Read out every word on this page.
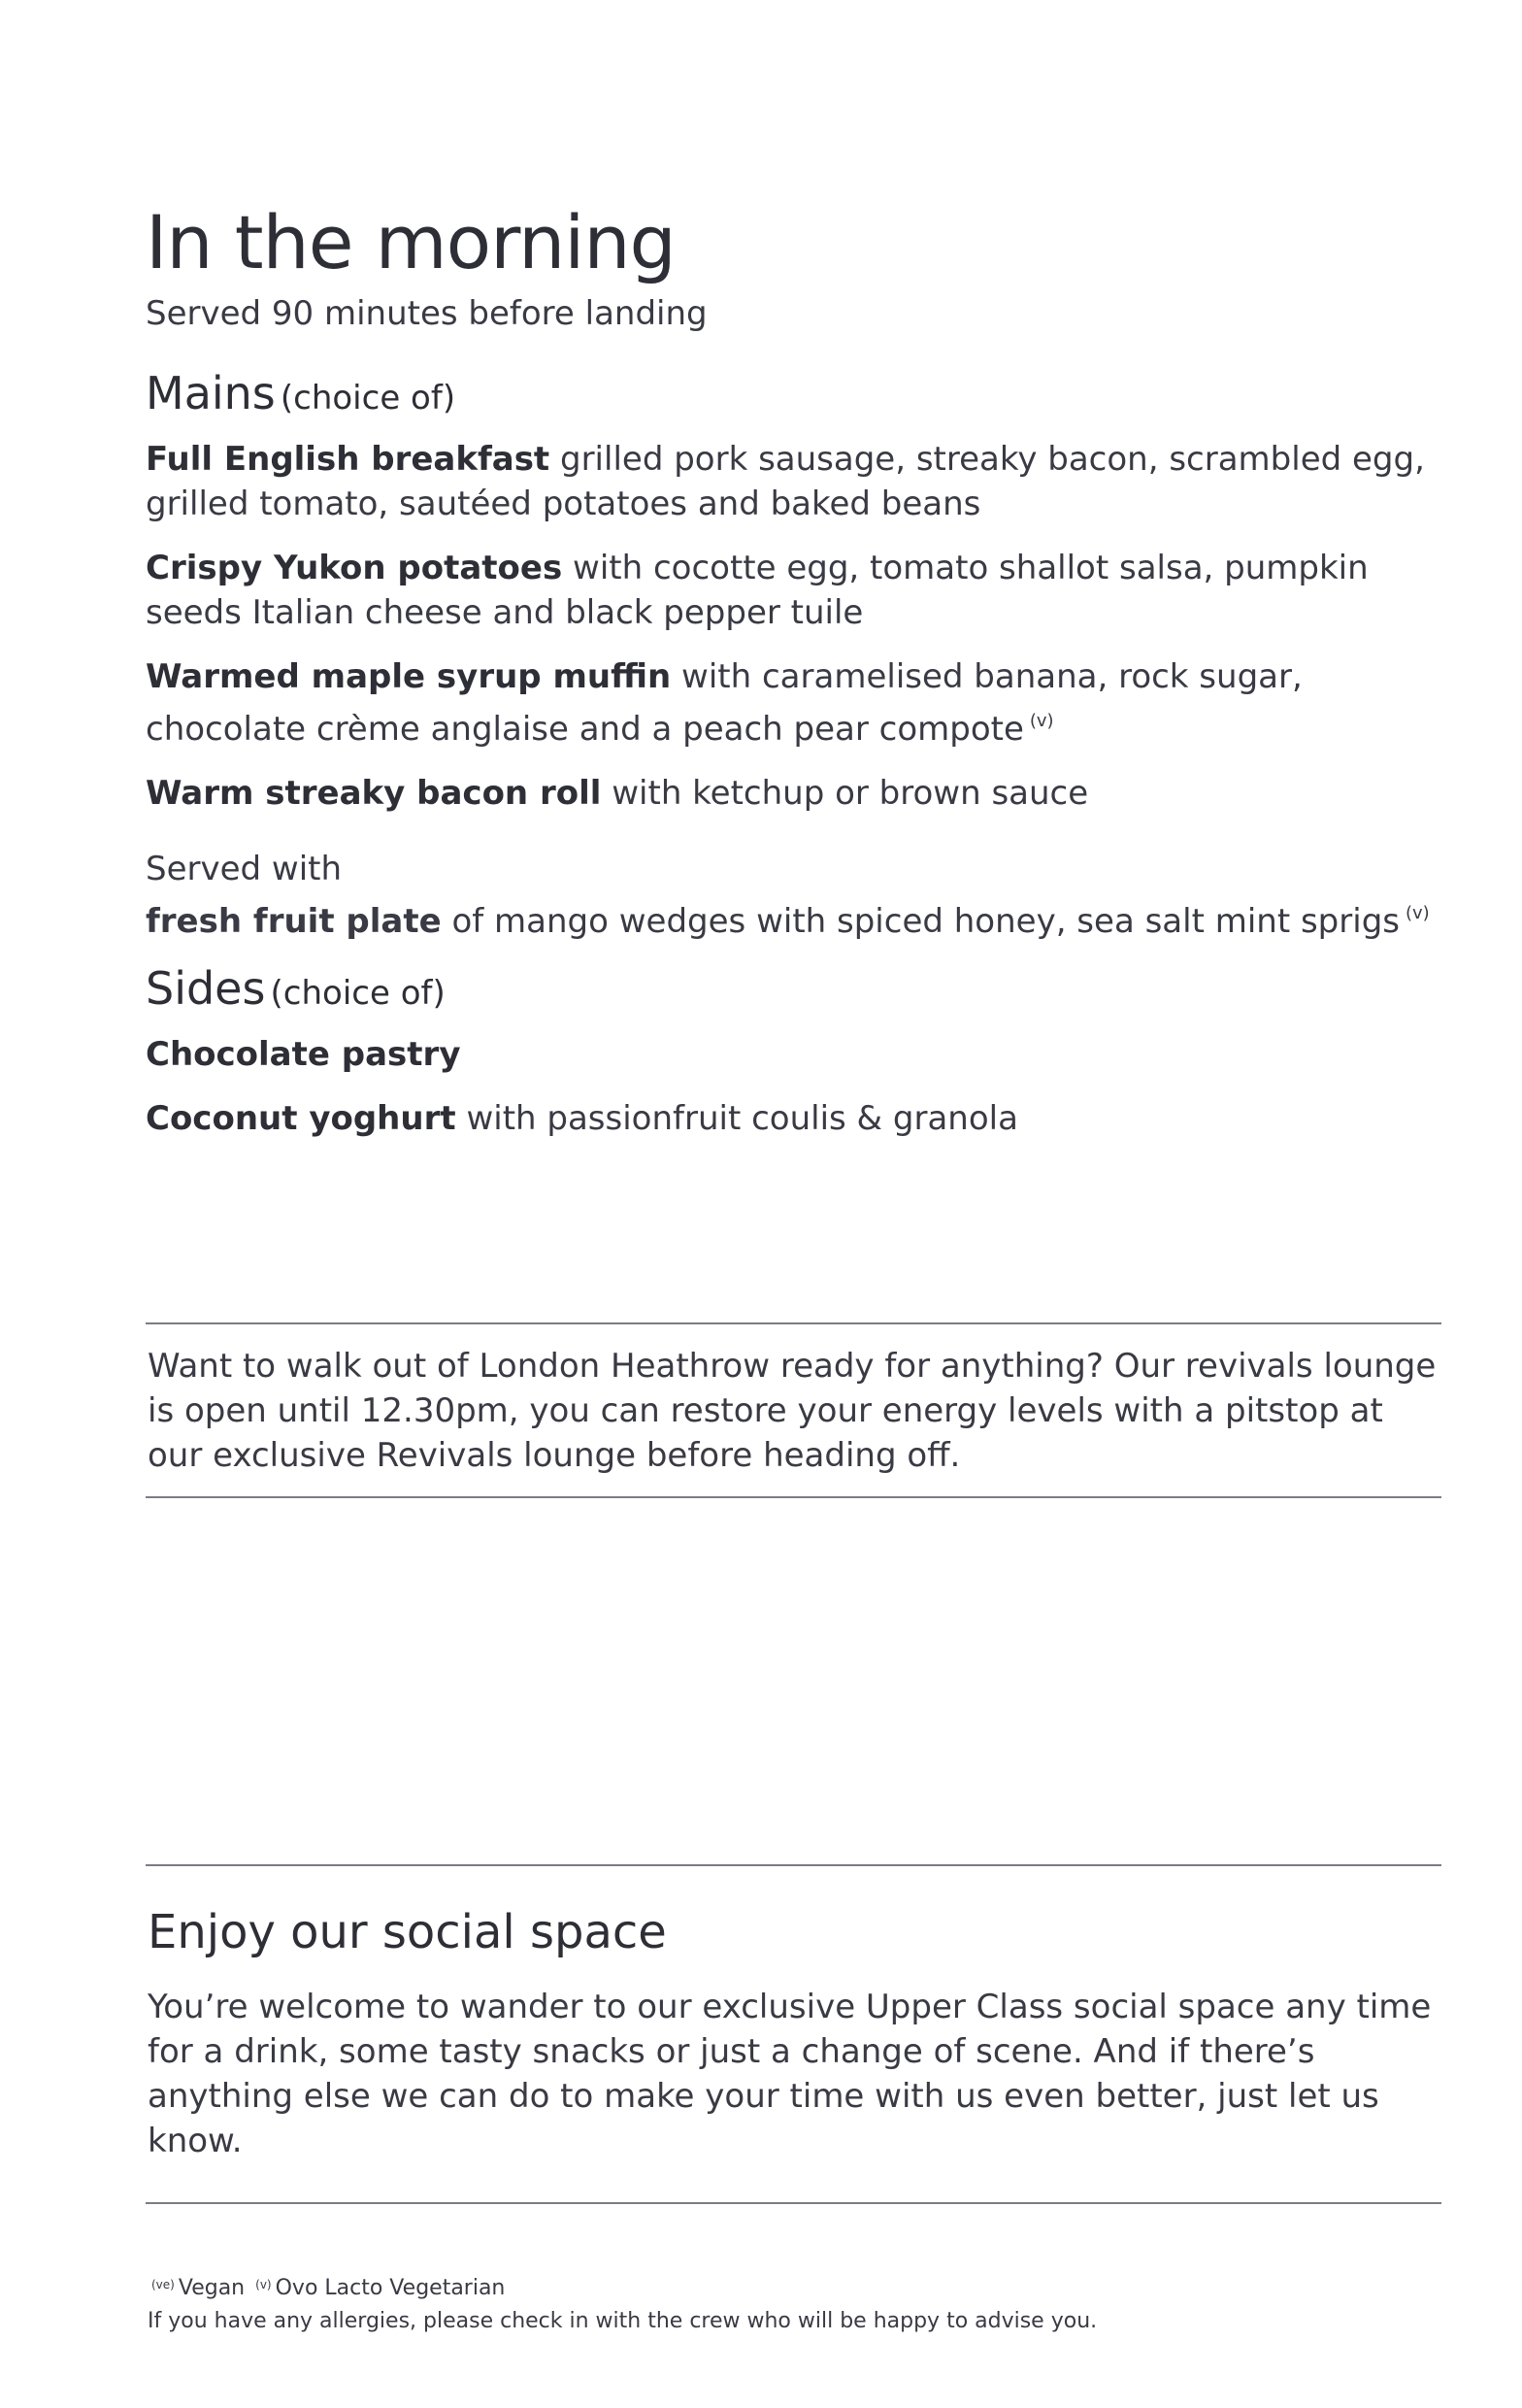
In the morning
Served 90 minutes before landing
Mains (choice of)
Full English breakfast grilled pork sausage, streaky bacon, scrambled egg, grilled tomato, sautéed potatoes and baked beans
Crispy Yukon potatoes with cocotte egg, tomato shallot salsa, pumpkin seeds Italian cheese and black pepper tuile
Warmed maple syrup muffin with caramelised banana, rock sugar, chocolate crème anglaise and a peach pear compote $^{(v)}$
Warm streaky bacon roll with ketchup or brown sauce
Served with
fresh fruit plate of mango wedges with spiced honey, sea salt mint sprigs $^{(v)}$
Sides (choice of)
Chocolate pastry
Coconut yoghurt with passionfruit coulis & granola
Want to walk out of London Heathrow ready for anything? Our revivals lounge is open until 12.30pm, you can restore your energy levels with a pitstop at our exclusive Revivals lounge before heading off.
Enjoy our social space
You’re welcome to wander to our exclusive Upper Class social space any time for a drink, some tasty snacks or just a change of scene. And if there’s anything else we can do to make your time with us even better, just let us know.
$^{(ve)}$ Vegan $^{(v)}$ Ovo Lacto Vegetarian
If you have any allergies, please check in with the crew who will be happy to advise you.
